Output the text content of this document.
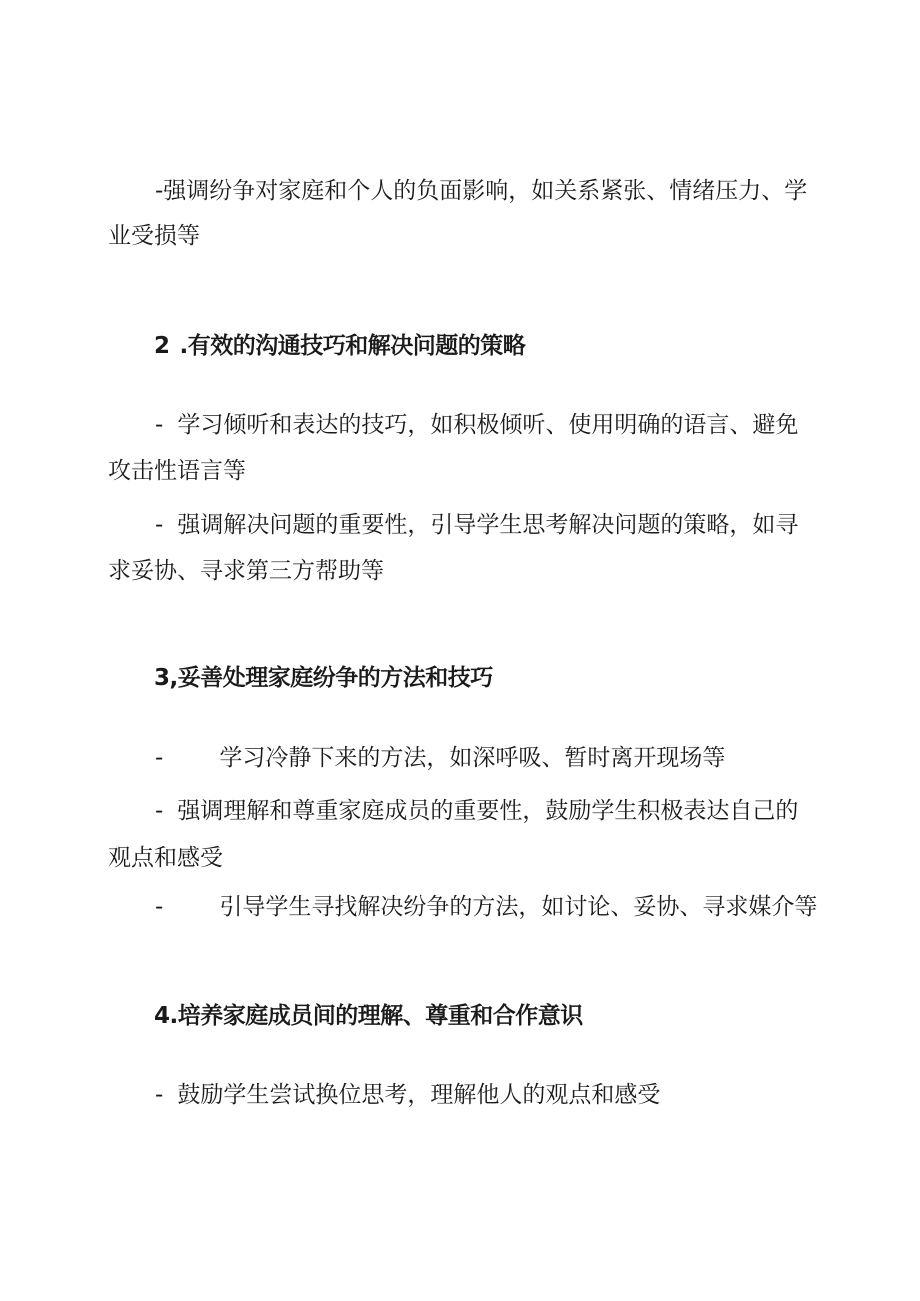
-强调纷争对家庭和个人的负面影响，如关系紧张、情绪压力、学
业受损等
2 .有效的沟通技巧和解决问题的策略
- 学习倾听和表达的技巧，如积极倾听、使用明确的语言、避免
攻击性语言等
- 强调解决问题的重要性，引导学生思考解决问题的策略，如寻
求妥协、寻求第三方帮助等
3,妥善处理家庭纷争的方法和技巧
- 学习冷静下来的方法，如深呼吸、暂时离开现场等
- 强调理解和尊重家庭成员的重要性，鼓励学生积极表达自己的
观点和感受
- 引导学生寻找解决纷争的方法，如讨论、妥协、寻求媒介等
4.培养家庭成员间的理解、尊重和合作意识
- 鼓励学生尝试换位思考，理解他人的观点和感受
